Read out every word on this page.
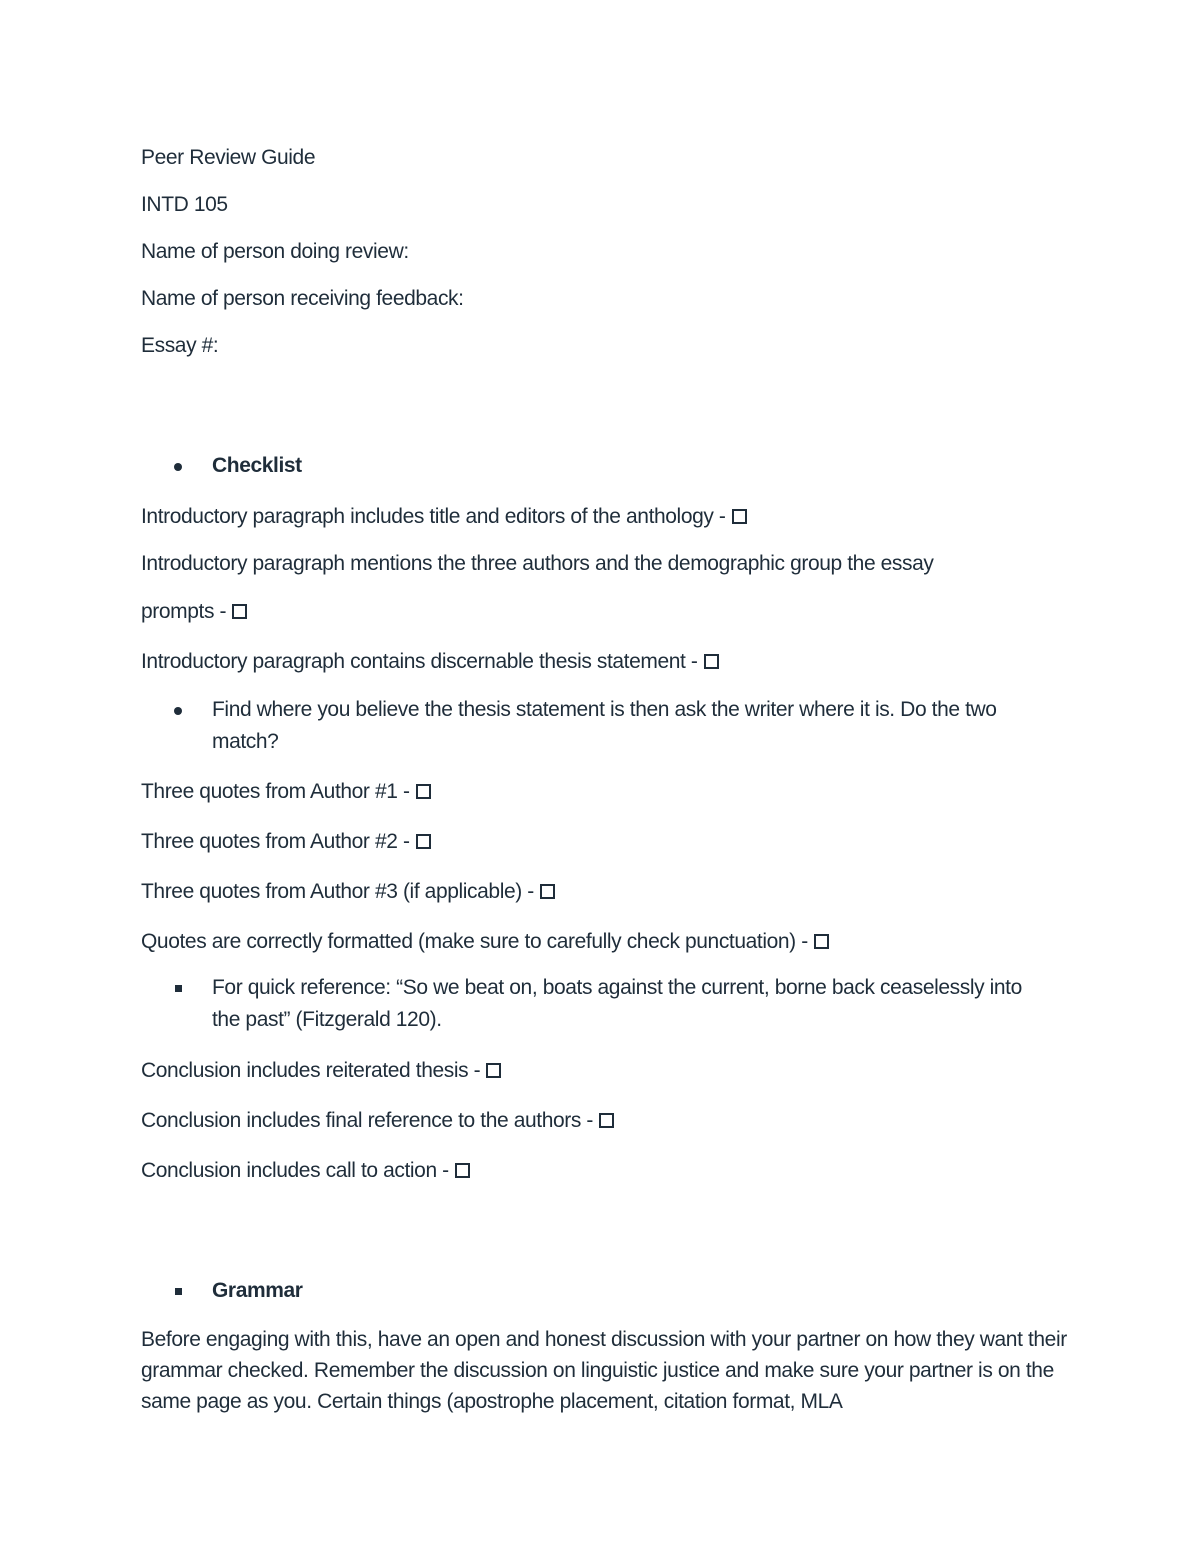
Peer Review Guide
INTD 105
Name of person doing review:
Name of person receiving feedback:
Essay #:
Checklist
Introductory paragraph includes title and editors of the anthology -
Introductory paragraph mentions the three authors and the demographic group the essay
prompts -
Introductory paragraph contains discernable thesis statement -
Find where you believe the thesis statement is then ask the writer where it is. Do the two match?
Three quotes from Author #1 -
Three quotes from Author #2 -
Three quotes from Author #3 (if applicable) -
Quotes are correctly formatted (make sure to carefully check punctuation) -
For quick reference: “So we beat on, boats against the current, borne back ceaselessly into the past” (Fitzgerald 120).
Conclusion includes reiterated thesis -
Conclusion includes final reference to the authors -
Conclusion includes call to action -
Grammar
Before engaging with this, have an open and honest discussion with your partner on how they want their grammar checked. Remember the discussion on linguistic justice and make sure your partner is on the same page as you. Certain things (apostrophe placement, citation format, MLA
